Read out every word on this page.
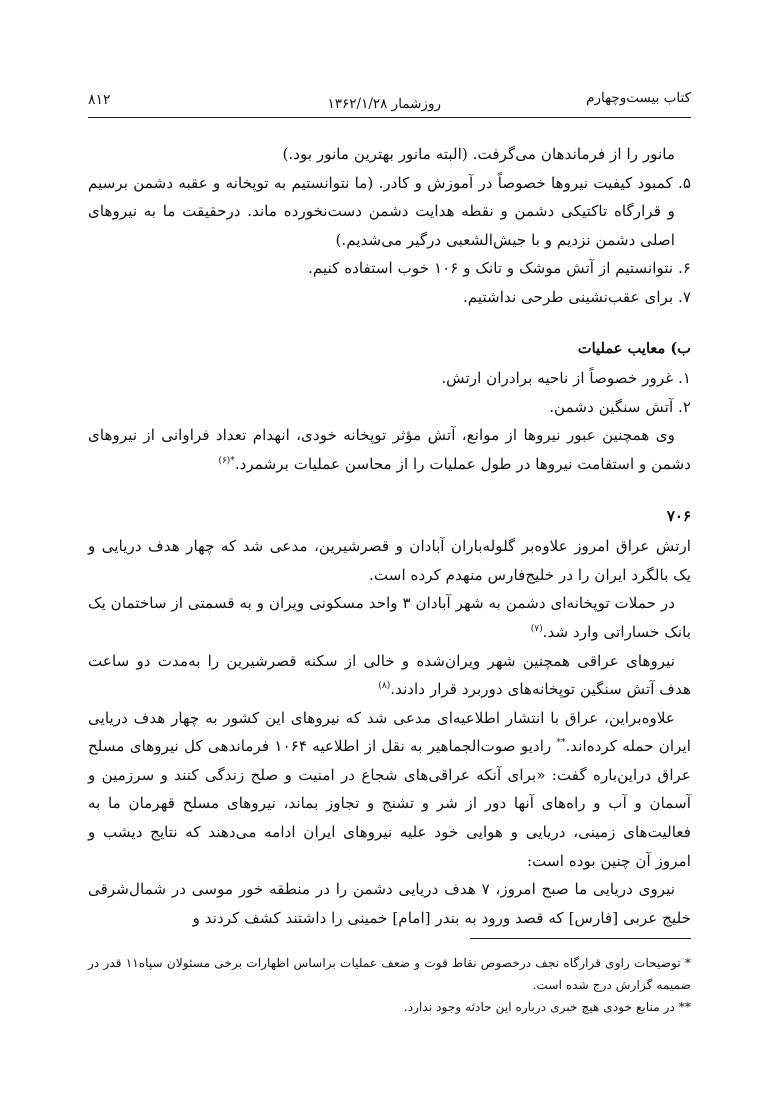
کتاب بیست‌وچهارم
روزشمار ۱۳۶۲/۱/۲۸
۸۱۲

مانور را از فرماندهان می‌گرفت. (البته مانور بهترین مانور بود.)

۵. کمبود کیفیت نیروها خصوصاً در آموزش و کادر. (ما نتوانستیم به توپخانه و عقبه دشمن برسیم و قرارگاه تاکتیکی دشمن و نقطه هدایت دشمن دست‌نخورده ماند. درحقیقت ما به نیروهای اصلی دشمن نزدیم و با جیش‌الشعبی درگیر می‌شدیم.)

۶. نتوانستیم از آتش موشک و تانک و ۱۰۶ خوب استفاده کنیم.

۷. برای عقب‌نشینی طرحی نداشتیم.

ب) معایب عملیات

۱. غرور خصوصاً از ناحیه برادران ارتش.

۲. آتش سنگین دشمن.

وی همچنین عبور نیروها از موانع، آتش مؤثر توپخانه خودی، انهدام تعداد فراوانی از نیروهای دشمن و استقامت نیروها در طول عملیات را از محاسن عملیات برشمرد.$^{*(۶)}$

۷۰۶

ارتش عراق امروز علاوه‌بر گلوله‌باران آبادان و قصرشیرین، مدعی شد که چهار هدف دریایی و یک بالگرد ایران را در خلیج‌فارس منهدم کرده است.

در حملات توپخانه‌ای دشمن به شهر آبادان ۳ واحد مسکونی ویران و به قسمتی از ساختمان یک بانک خساراتی وارد شد.$^{(۷)}$

نیروهای عراقی همچنین شهر ویران‌شده و خالی از سکنه قصرشیرین را به‌مدت دو ساعت هدف آتش سنگین توپخانه‌های دوربرد قرار دادند.$^{(۸)}$

علاوه‌براین، عراق با انتشار اطلاعیه‌ای مدعی شد که نیروهای این کشور به چهار هدف دریایی ایران حمله کرده‌اند.** رادیو صوت‌الجماهیر به نقل از اطلاعیه ۱۰۶۴ فرماندهی کل نیروهای مسلح عراق دراین‌باره گفت: «برای آنکه عراقی‌های شجاع در امنیت و صلح زندگی کنند و سرزمین و آسمان و آب و راه‌های آنها دور از شر و تشنج و تجاوز بماند، نیروهای مسلح قهرمان ما به فعالیت‌های زمینی، دریایی و هوایی خود علیه نیروهای ایران ادامه می‌دهند که نتایج دیشب و امروز آن چنین بوده است:

نیروی دریایی ما صبح امروز، ۷ هدف دریایی دشمن را در منطقه خور موسی در شمال‌شرقی خلیج عربی [فارس] که قصد ورود به بندر [امام] خمینی را داشتند کشف کردند و

* توضیحات راوی قرارگاه نجف درخصوص نقاط قوت و ضعف عملیات براساس اظهارات برخی مسئولان سپاه۱۱ قدر در ضمیمه گزارش درج شده است.

** در منابع خودی هیچ خبری درباره این حادثه وجود ندارد.
